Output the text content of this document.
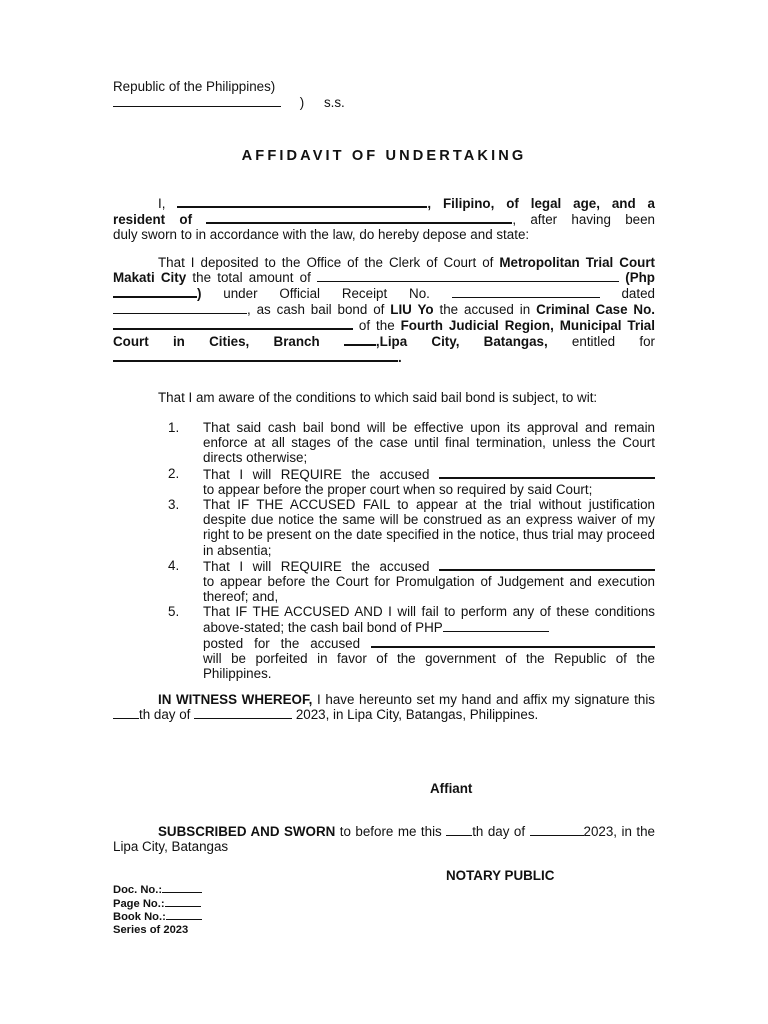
Republic of the Philippines)
) s.s.
AFFIDAVIT OF UNDERTAKING
I,	, Filipino, of legal age, and a
resident of	, after having been
duly sworn to in accordance with the law, do hereby depose and state:
That I deposited to the Office of the Clerk of Court of Metropolitan Trial Court Makati City the total amount of	(Php) under Official Receipt No.	dated , as cash bail bond of LIU Yo the accused in Criminal Case No.  of the Fourth Judicial Region, Municipal Trial Court in Cities, Branch ,Lipa City, Batangas, entitled for .
That I am aware of the conditions to which said bail bond is subject, to wit:
1. That said cash bail bond will be effective upon its approval and remain enforce at all stages of the case until final termination, unless the Court directs otherwise;
2. That I will REQUIRE the accused
to appear before the proper court when so required by said Court;
3. That IF THE ACCUSED FAIL to appear at the trial without justification despite due notice the same will be construed as an express waiver of my right to be present on the date specified in the notice, thus trial may proceed in absentia;
4. That I will REQUIRE the accused
to appear before the Court for Promulgation of Judgement and execution thereof; and,
5. That IF THE ACCUSED AND I will fail to perform any of these conditions above-stated; the cash bail bond of PHP
posted for the accused
will be porfeited in favor of the government of the Republic of the Philippines.
IN WITNESS WHEREOF, I have hereunto set my hand and affix my signature this th day of	2023, in Lipa City, Batangas, Philippines.
Affiant
SUBSCRIBED AND SWORN to before me this th day of	2023, in the Lipa City, Batangas
NOTARY PUBLIC
Doc. No.:
Page No.:
Book No.:
Series of 2023
